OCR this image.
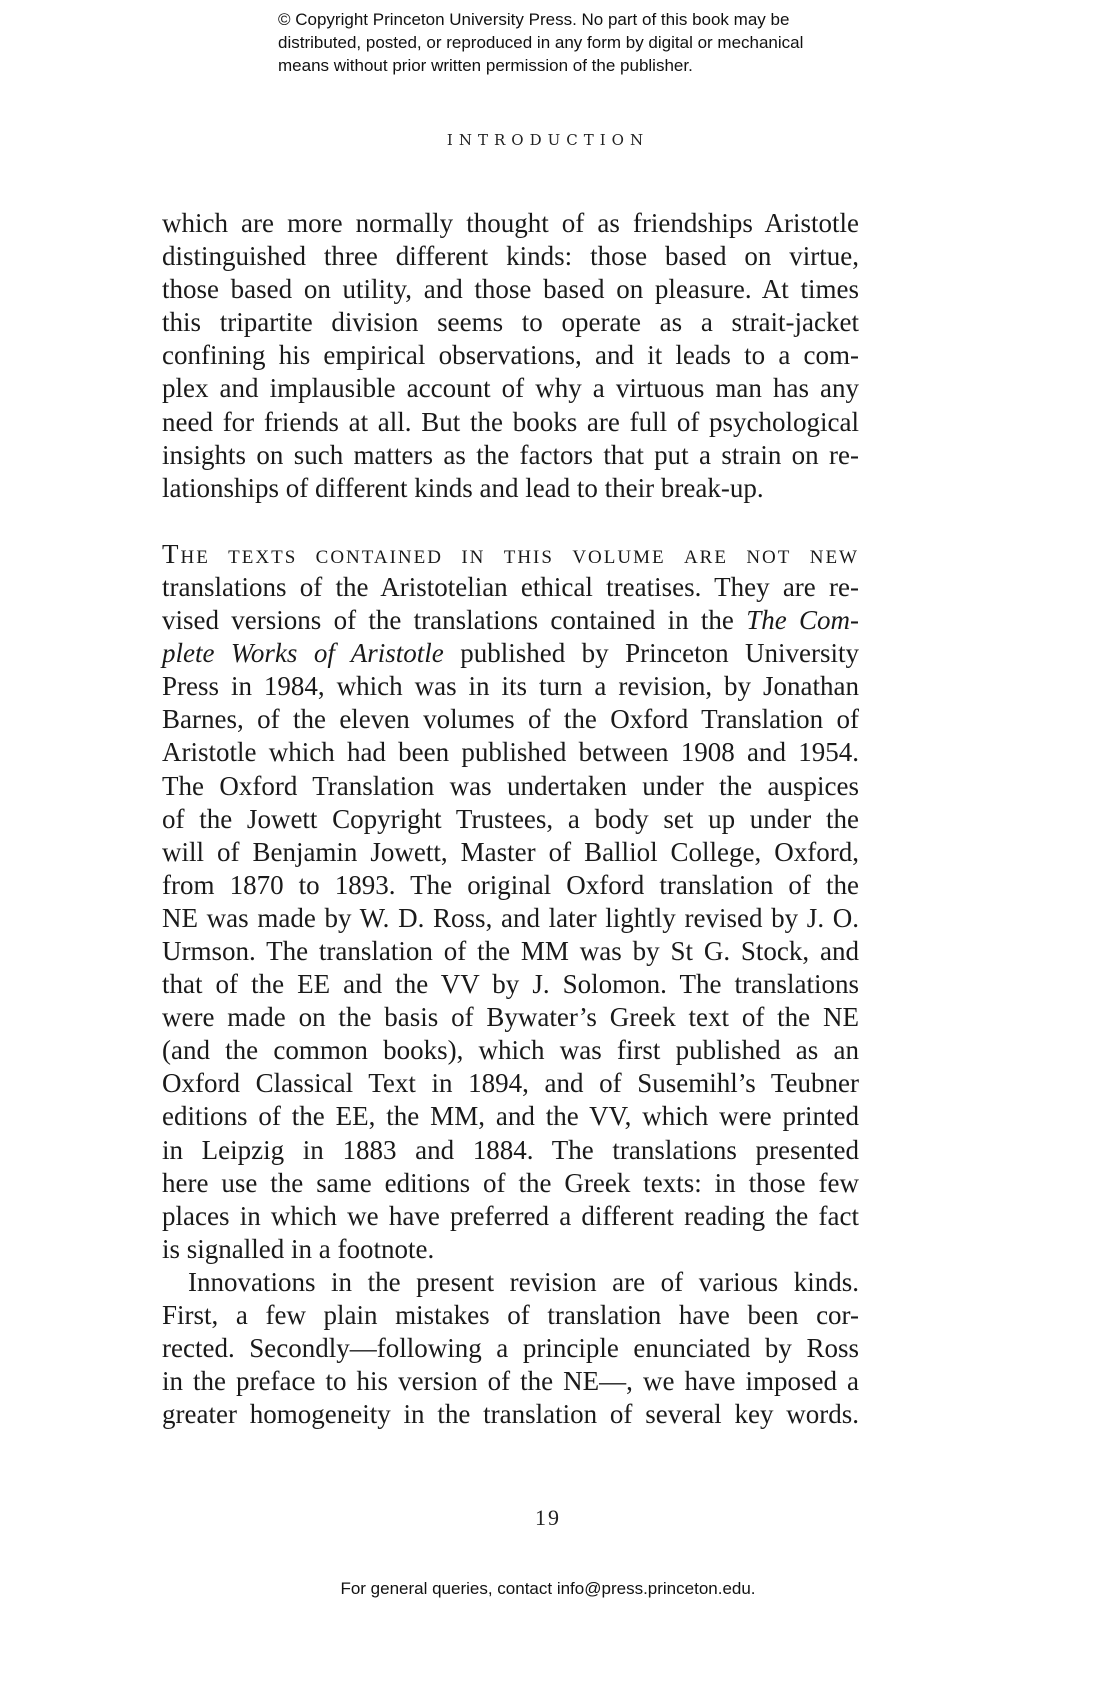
© Copyright Princeton University Press. No part of this book may be
distributed, posted, or reproduced in any form by digital or mechanical
means without prior written permission of the publisher.
INTRODUCTION
which are more normally thought of as friendships Aristotle
distinguished three different kinds: those based on virtue,
those based on utility, and those based on pleasure. At times
this tripartite division seems to operate as a strait-jacket
confining his empirical observations, and it leads to a com-
plex and implausible account of why a virtuous man has any
need for friends at all. But the books are full of psychological
insights on such matters as the factors that put a strain on re-
lationships of different kinds and lead to their break-up.
The texts contained in this volume are not new
translations of the Aristotelian ethical treatises. They are re-
vised versions of the translations contained in the The Com-
plete Works of Aristotle published by Princeton University
Press in 1984, which was in its turn a revision, by Jonathan
Barnes, of the eleven volumes of the Oxford Translation of
Aristotle which had been published between 1908 and 1954.
The Oxford Translation was undertaken under the auspices
of the Jowett Copyright Trustees, a body set up under the
will of Benjamin Jowett, Master of Balliol College, Oxford,
from 1870 to 1893. The original Oxford translation of the
NE was made by W. D. Ross, and later lightly revised by J. O.
Urmson. The translation of the MM was by St G. Stock, and
that of the EE and the VV by J. Solomon. The translations
were made on the basis of Bywater’s Greek text of the NE
(and the common books), which was first published as an
Oxford Classical Text in 1894, and of Susemihl’s Teubner
editions of the EE, the MM, and the VV, which were printed
in Leipzig in 1883 and 1884. The translations presented
here use the same editions of the Greek texts: in those few
places in which we have preferred a different reading the fact
is signalled in a footnote.
Innovations in the present revision are of various kinds.
First, a few plain mistakes of translation have been cor-
rected. Secondly—following a principle enunciated by Ross
in the preface to his version of the NE—, we have imposed a
greater homogeneity in the translation of several key words.
19
For general queries, contact info@press.princeton.edu.
